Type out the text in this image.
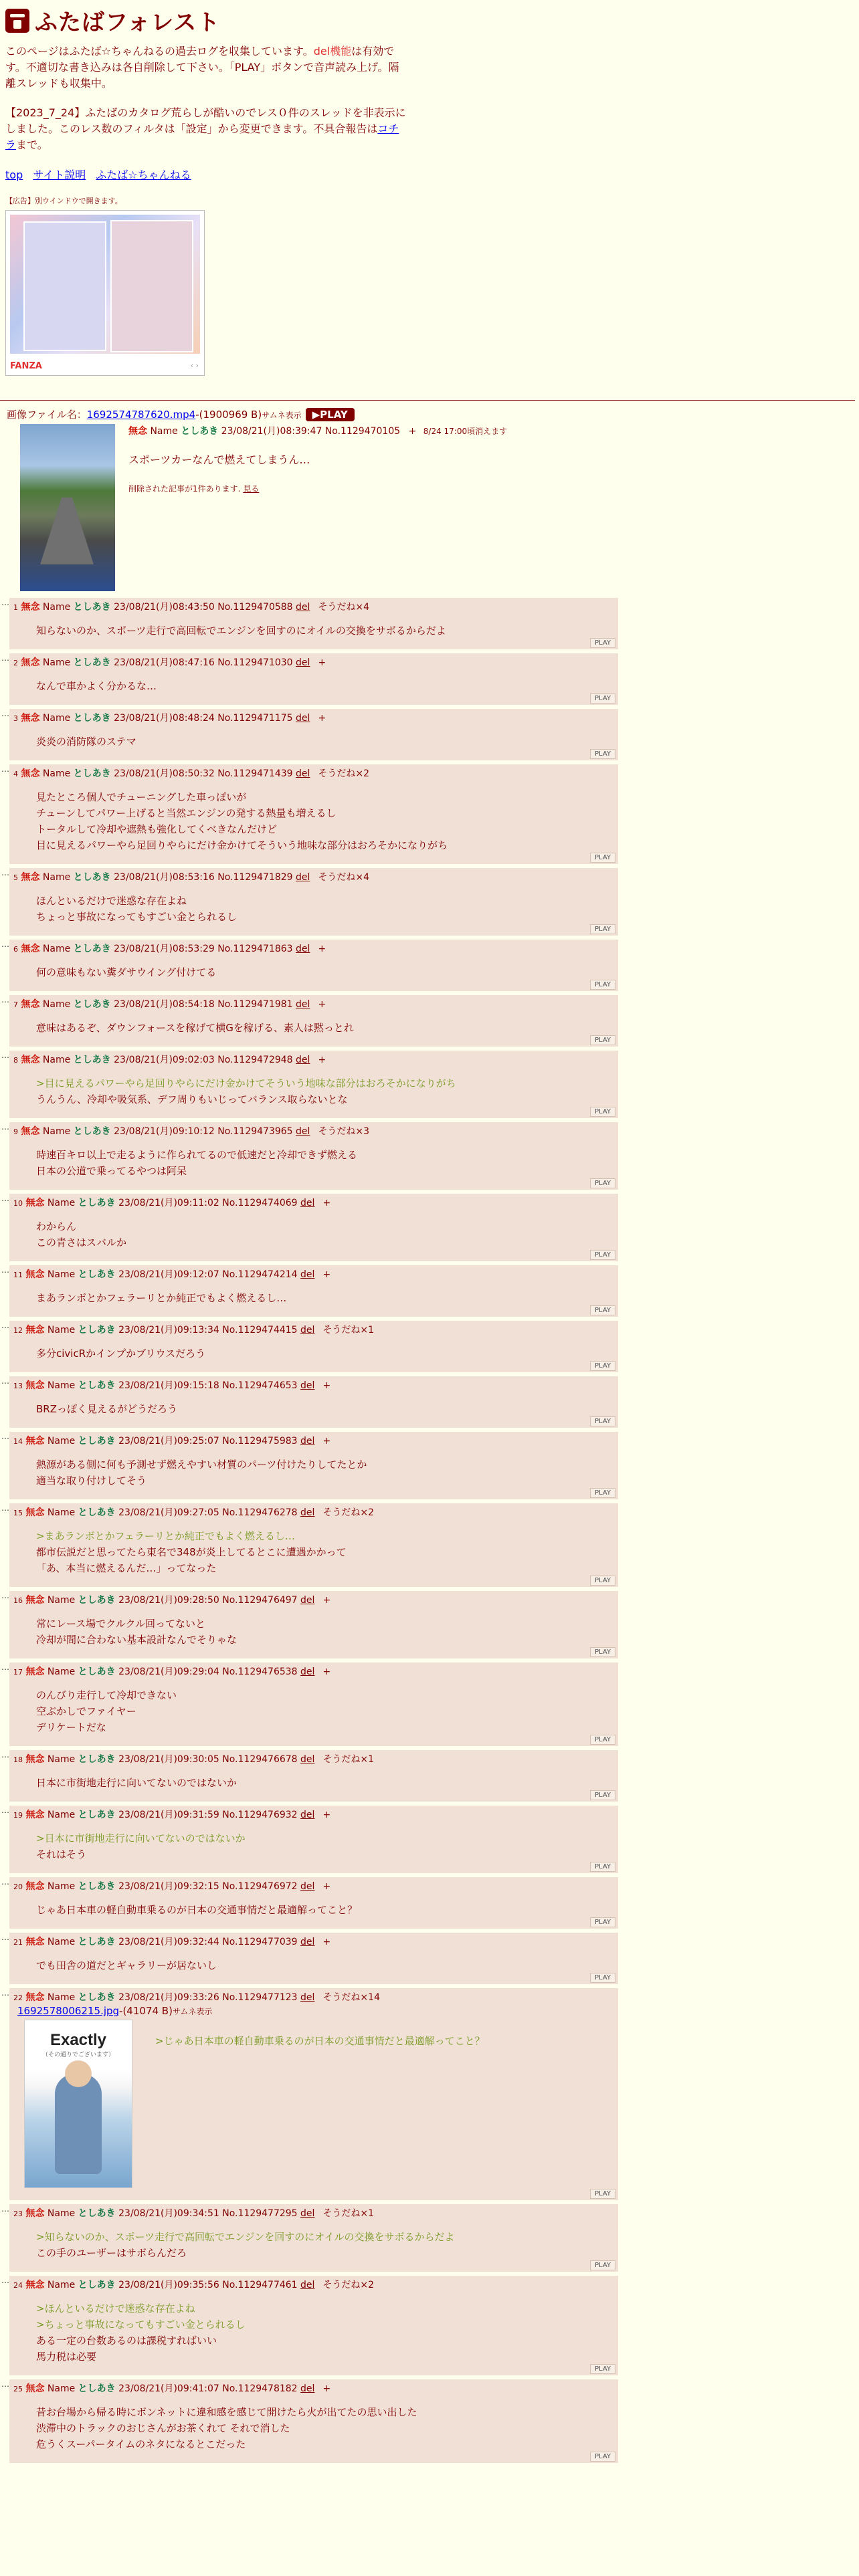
ふたばフォレスト
このページはふたば☆ちゃんねるの過去ログを収集しています。del機能は有効です。不適切な書き込みは各自削除して下さい。「PLAY」ボタンで音声読み上げ。隔離スレッドも収集中。
【2023_7_24】ふたばのカタログ荒らしが酷いのでレス０件のスレッドを非表示にしました。このレス数のフィルタは「設定」から変更できます。不具合報告はコチラまで。
top サイト説明 ふたば☆ちゃんねる
【広告】別ウインドウで開きます。
FANZA	‹ ›
画像ファイル名：1692574787620.mp4-(1900969 B)サムネ表示 ▶PLAY
無念 Name としあき 23/08/21(月)08:39:47 No.1129470105 + 8/24 17:00頃消えます
スポーツカーなんで燃えてしまうん…
削除された記事が1件あります. 見る
…
1 無念 Name としあき 23/08/21(月)08:43:50 No.1129470588 del そうだね×4
知らないのか、スポーツ走行で高回転でエンジンを回すのにオイルの交換をサボるからだよ
PLAY
…
2 無念 Name としあき 23/08/21(月)08:47:16 No.1129471030 del +
なんで車かよく分かるな…
PLAY
…
3 無念 Name としあき 23/08/21(月)08:48:24 No.1129471175 del +
炎炎の消防隊のステマ
PLAY
…
4 無念 Name としあき 23/08/21(月)08:50:32 No.1129471439 del そうだね×2
見たところ個人でチューニングした車っぽいが
チューンしてパワー上げると当然エンジンの発する熱量も増えるし
トータルして冷却や遮熱も強化してくべきなんだけど
目に見えるパワーやら足回りやらにだけ金かけてそういう地味な部分はおろそかになりがち
PLAY
…
5 無念 Name としあき 23/08/21(月)08:53:16 No.1129471829 del そうだね×4
ほんといるだけで迷惑な存在よね
ちょっと事故になってもすごい金とられるし
PLAY
…
6 無念 Name としあき 23/08/21(月)08:53:29 No.1129471863 del +
何の意味もない糞ダサウイング付けてる
PLAY
…
7 無念 Name としあき 23/08/21(月)08:54:18 No.1129471981 del +
意味はあるぞ、ダウンフォースを稼げて横Gを稼げる、素人は黙っとれ
PLAY
…
8 無念 Name としあき 23/08/21(月)09:02:03 No.1129472948 del +
>目に見えるパワーやら足回りやらにだけ金かけてそういう地味な部分はおろそかになりがち
うんうん、冷却や吸気系、デフ周りもいじってバランス取らないとな
PLAY
…
9 無念 Name としあき 23/08/21(月)09:10:12 No.1129473965 del そうだね×3
時速百キロ以上で走るように作られてるので低速だと冷却できず燃える
日本の公道で乗ってるやつは阿呆
PLAY
…
10 無念 Name としあき 23/08/21(月)09:11:02 No.1129474069 del +
わからん
この青さはスバルか
PLAY
…
11 無念 Name としあき 23/08/21(月)09:12:07 No.1129474214 del +
まあランボとかフェラーリとか純正でもよく燃えるし…
PLAY
…
12 無念 Name としあき 23/08/21(月)09:13:34 No.1129474415 del そうだね×1
多分civicRかインプかブリウスだろう
PLAY
…
13 無念 Name としあき 23/08/21(月)09:15:18 No.1129474653 del +
BRZっぽく見えるがどうだろう
PLAY
…
14 無念 Name としあき 23/08/21(月)09:25:07 No.1129475983 del +
熱源がある側に何も予測せず燃えやすい材質のパーツ付けたりしてたとか
適当な取り付けしてそう
PLAY
…
15 無念 Name としあき 23/08/21(月)09:27:05 No.1129476278 del そうだね×2
>まあランボとかフェラーリとか純正でもよく燃えるし…
都市伝説だと思ってたら東名で348が炎上してるとこに遭遇かかって
「あ、本当に燃えるんだ…」ってなった
PLAY
…
16 無念 Name としあき 23/08/21(月)09:28:50 No.1129476497 del +
常にレース場でクルクル回ってないと
冷却が間に合わない基本設計なんでそりゃな
PLAY
…
17 無念 Name としあき 23/08/21(月)09:29:04 No.1129476538 del +
のんびり走行して冷却できない
空ぶかしでファイヤー
デリケートだな
PLAY
…
18 無念 Name としあき 23/08/21(月)09:30:05 No.1129476678 del そうだね×1
日本に市街地走行に向いてないのではないか
PLAY
…
19 無念 Name としあき 23/08/21(月)09:31:59 No.1129476932 del +
>日本に市街地走行に向いてないのではないか
それはそう
PLAY
…
20 無念 Name としあき 23/08/21(月)09:32:15 No.1129476972 del +
じゃあ日本車の軽自動車乗るのが日本の交通事情だと最適解ってこと？
PLAY
…
21 無念 Name としあき 23/08/21(月)09:32:44 No.1129477039 del +
でも田舎の道だとギャラリーが居ないし
PLAY
…
22 無念 Name としあき 23/08/21(月)09:33:26 No.1129477123 del そうだね×14
1692578006215.jpg-(41074 B)サムネ表示
Exactly
（その通りでございます）
>じゃあ日本車の軽自動車乗るのが日本の交通事情だと最適解ってこと？
PLAY
…
23 無念 Name としあき 23/08/21(月)09:34:51 No.1129477295 del そうだね×1
>知らないのか、スポーツ走行で高回転でエンジンを回すのにオイルの交換をサボるからだよ
この手のユーザーはサボらんだろ
PLAY
…
24 無念 Name としあき 23/08/21(月)09:35:56 No.1129477461 del そうだね×2
>ほんといるだけで迷惑な存在よね
>ちょっと事故になってもすごい金とられるし
ある一定の台数あるのは課税すればいい
馬力税は必要
PLAY
…
25 無念 Name としあき 23/08/21(月)09:41:07 No.1129478182 del +
昔お台場から帰る時にボンネットに違和感を感じて開けたら火が出てたの思い出した
渋滞中のトラックのおじさんがお茶くれて それで消した
危うくスーパータイムのネタになるとこだった
PLAY
